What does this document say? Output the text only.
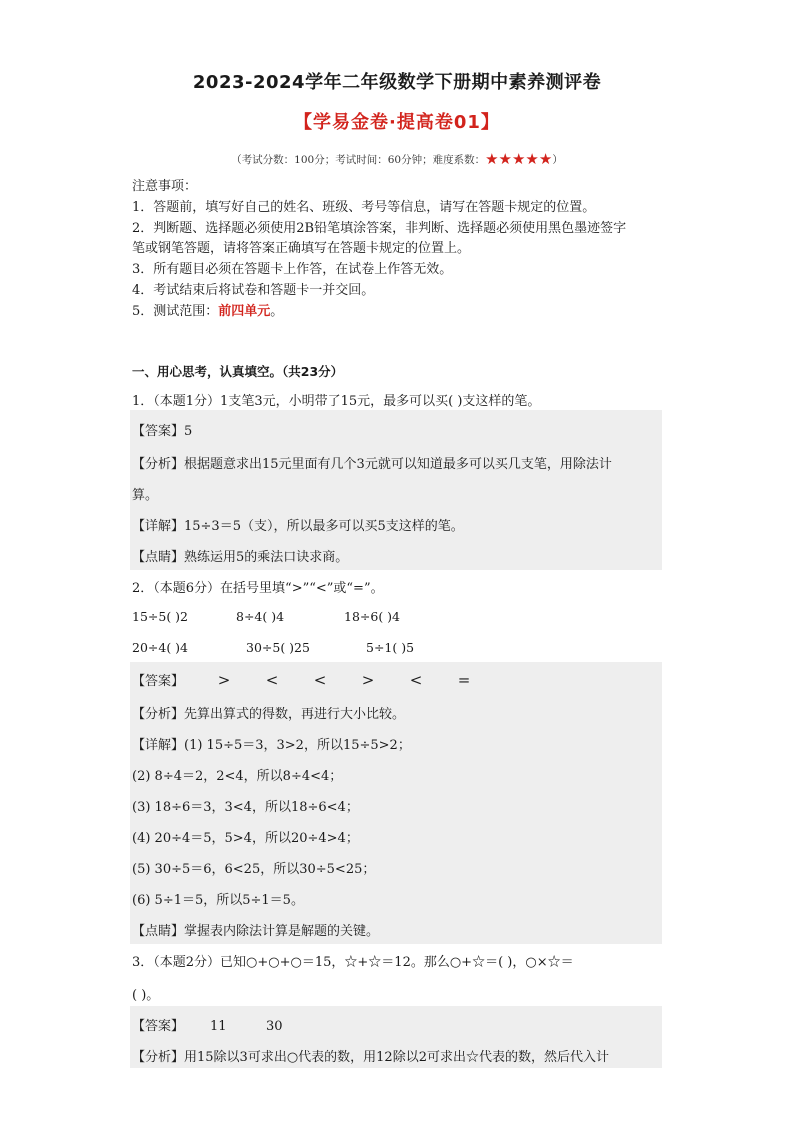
2023-2024学年二年级数学下册期中素养测评卷
【学易金卷·提高卷01】
（考试分数：100分；考试时间：60分钟；难度系数：★★★★★）
注意事项：
1．答题前，填写好自己的姓名、班级、考号等信息，请写在答题卡规定的位置。
2．判断题、选择题必须使用2B铅笔填涂答案，非判断、选择题必须使用黑色墨迹签字
笔或钢笔答题，请将答案正确填写在答题卡规定的位置上。
3．所有题目必须在答题卡上作答，在试卷上作答无效。
4．考试结束后将试卷和答题卡一并交回。
5．测试范围：前四单元。
一、用心思考，认真填空。（共23分）
1．（本题1分）1支笔3元，小明带了15元，最多可以买( )支这样的笔。
【答案】5
【分析】根据题意求出15元里面有几个3元就可以知道最多可以买几支笔，用除法计
算。
【详解】15÷3＝5（支），所以最多可以买5支这样的笔。
【点睛】熟练运用5的乘法口诀求商。
2．（本题6分）在括号里填“>”“<”或“=”。
15÷5( )2	8÷4( )4	18÷6( )4
20÷4( )4	30÷5( )25	5÷1( )5
【答案】 > < < > < =
【分析】先算出算式的得数，再进行大小比较。
【详解】(1) 15÷5＝3，3>2，所以15÷5>2；
(2) 8÷4＝2，2<4，所以8÷4<4；
(3) 18÷6＝3，3<4，所以18÷6<4；
(4) 20÷4＝5，5>4，所以20÷4>4；
(5) 30÷5＝6，6<25，所以30÷5<25；
(6) 5÷1＝5，所以5÷1＝5。
【点睛】掌握表内除法计算是解题的关键。
3．（本题2分）已知○+○+○＝15，☆+☆＝12。那么○+☆＝( )，○×☆＝
( )。
【答案】 11	30
【分析】用15除以3可求出○代表的数，用12除以2可求出☆代表的数，然后代入计
